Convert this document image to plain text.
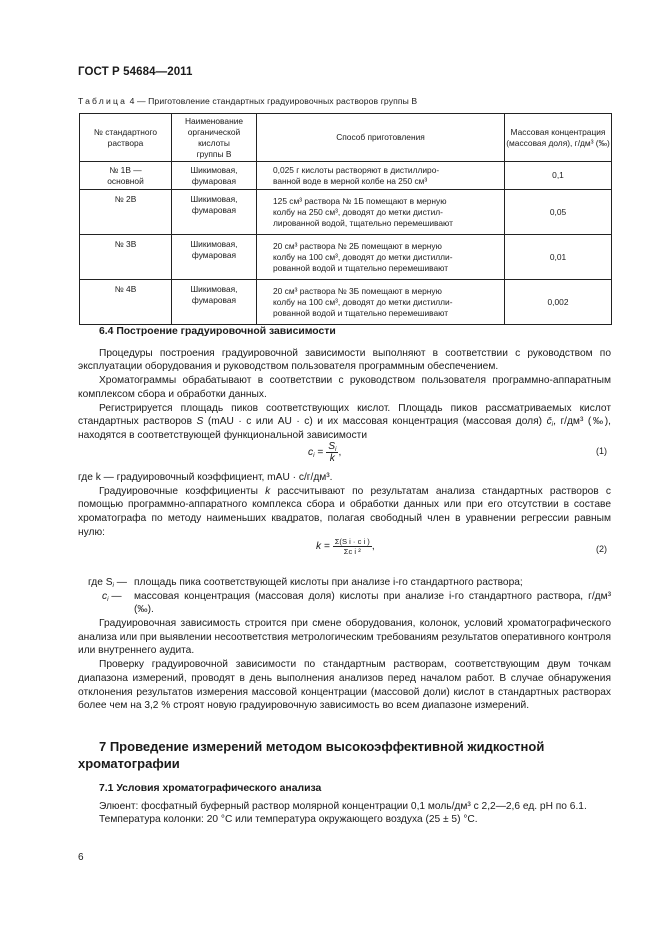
ГОСТ Р 54684—2011
Таблица 4 — Приготовление стандартных градуировочных растворов группы В
№ стандартного
раствора	Наименование
органической кислоты
группы В	Способ приготовления	Массовая концентрация
(массовая доля), г/дм³ (‰)
№ 1В —
основной	Шикимовая,
фумаровая	0,025 г кислоты растворяют в дистиллиро-
ванной воде в мерной колбе на 250 см³	0,1
№ 2В	Шикимовая,
фумаровая	125 см³ раствора № 1Б помещают в мерную
колбу на 250 см³, доводят до метки дистил-
лированной водой, тщательно перемешивают	0,05
№ 3В	Шикимовая,
фумаровая	20 см³ раствора № 2Б помещают в мерную
колбу на 100 см³, доводят до метки дистилли-
рованной водой и тщательно перемешивают	0,01
№ 4В	Шикимовая,
фумаровая	20 см³ раствора № 3Б помещают в мерную
колбу на 100 см³, доводят до метки дистилли-
рованной водой и тщательно перемешивают	0,002

6.4 Построение градуировочной зависимости

Процедуры построения градуировочной зависимости выполняют в соответствии с руководством по эксплуатации оборудования и руководством пользователя программным обеспечением.

Хроматограммы обрабатывают в соответствии с руководством пользователя программно-аппаратным комплексом сбора и обработки данных.

Регистрируется площадь пиков соответствующих кислот. Площадь пиков рассматриваемых кислот стандартных растворов S (mAU · c или AU · c) и их массовая концентрация (массовая доля) $c̄_i$, г/дм³ (‰), находятся в соответствующей функциональной зависимости

$c_i = \frac{S_i}{k}$ ,	(1)

где k — градуировочный коэффициент, mAU · c/г/дм³.

Градуировочные коэффициенты k рассчитывают по результатам анализа стандартных растворов с помощью программно-аппаратного комплекса сбора и обработки данных или при его отсутствии в составе хроматографа по методу наименьших квадратов, полагая свободный член в уравнении регрессии равным нулю:

$k = \frac{\text{Σ(S i · c i )}}{\text{Σc i ²}}$ ,	(2)
где $S_i$ — площадь пика соответствующей кислоты при анализе i-го стандартного раствора;
$c_i$ —	массовая концентрация (массовая доля) кислоты при анализе i-го стандартного раствора, г/дм³ (‰).

Градуировочная зависимость строится при смене оборудования, колонок, условий хроматографического анализа или при выявлении несоответствия метрологическим требованиям результатов оперативного контроля или внутреннего аудита.

Проверку градуировочной зависимости по стандартным растворам, соответствующим двум точкам диапазона измерений, проводят в день выполнения анализов перед началом работ. В случае обнаружения отклонения результатов измерения массовой концентрации (массовой доли) кислот в стандартных растворах более чем на 3,2 % строят новую градуировочную зависимость во всем диапазоне измерений.

7 Проведение измерений методом высокоэффективной жидкостной хроматографии

7.1 Условия хроматографического анализа

Элюент: фосфатный буферный раствор молярной концентрации 0,1 моль/дм³ с 2,2—2,6 ед. рН по 6.1.

Температура колонки: 20 °С или температура окружающего воздуха (25 ± 5) °С.

6
